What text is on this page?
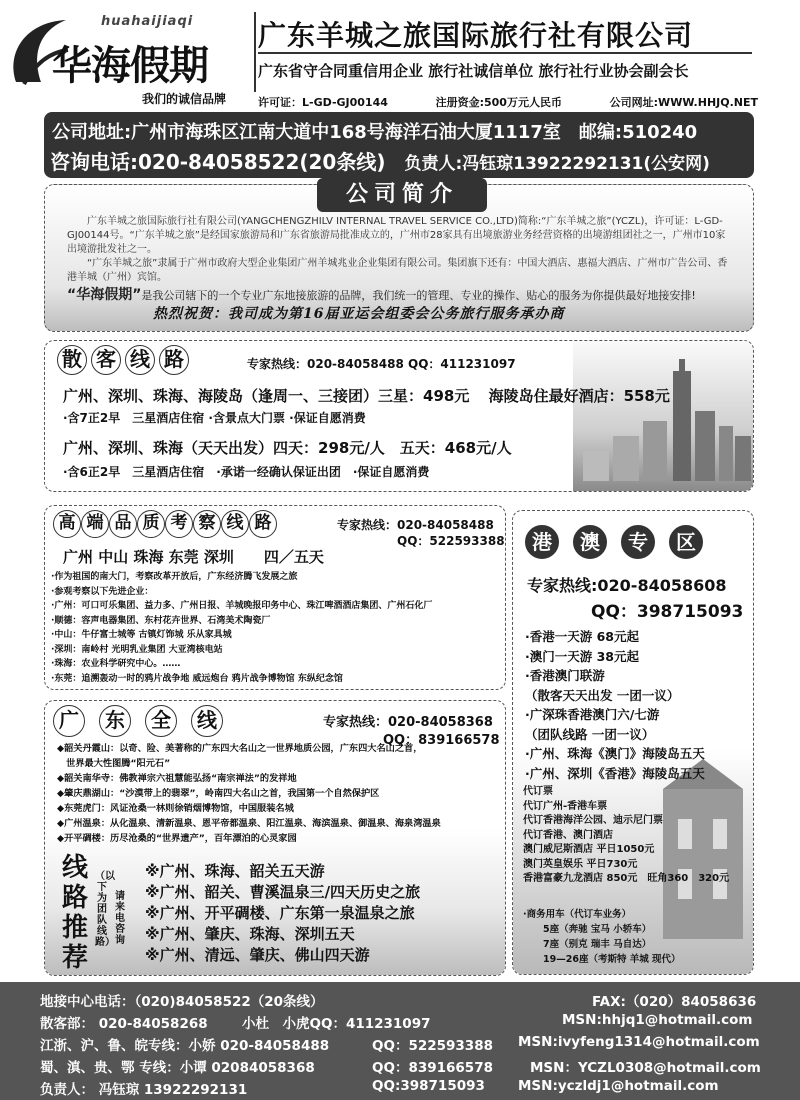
huahaijiaqi
华海假期
我们的诚信品牌
广东羊城之旅国际旅行社有限公司
广东省守合同重信用企业 旅行社诚信单位 旅行社行业协会副会长
许可证：L-GD-GJ00144	注册资金:500万元人民币	公司网址:WWW.HHJQ.NET
公司地址:广州市海珠区江南大道中168号海洋石油大厦1117室　邮编:510240
咨询电话:020-84058522(20条线) 负责人:冯钰琼13922292131(公安网)
公司简介

　　广东羊城之旅国际旅行社有限公司(YANGCHENGZHILV INTERNAL TRAVEL SERVICE CO.,LTD)简称:“广东羊城之旅”(YCZL)，许可证：L-GD-GJ00144号。“广东羊城之旅”是经国家旅游局和广东省旅游局批准成立的，广州市28家具有出境旅游业务经营资格的出境游组团社之一，广州市10家出境游批发社之一。

　　“广东羊城之旅”隶属于广州市政府大型企业集团广州羊城兆业企业集团有限公司。集团旗下还有：中国大酒店、惠福大酒店、广州市广告公司、香港羊城（广州）宾馆。

“华海假期”是我公司辖下的一个专业广东地接旅游的品牌，我们统一的管理、专业的操作、贴心的服务为你提供最好地接安排!

热烈祝贺：我司成为第16届亚运会组委会公务旅行服务承办商
散 客 线 路	专家热线：020-84058488 QQ：411231097
广州、深圳、珠海、海陵岛（逢周一、三接团）三星：498元 海陵岛住最好酒店：558元
·含7正2早　三星酒店住宿 ·含景点大门票 ·保证自愿消费
广州、深圳、珠海（天天出发）四天：298元/人　五天：468元/人
·含6正2早　三星酒店住宿　·承诺一经确认保证出团　·保证自愿消费
高 端 品 质 考 察 线 路	专家热线：020-84058488
QQ：522593388
广州 中山 珠海 东莞 深圳　　四／五天
·作为祖国的南大门，考察改革开放后，广东经济腾飞发展之旅
·参观考察以下先进企业：
·广州：可口可乐集团、益力多、广州日报、羊城晚报印务中心、珠江啤酒酒店集团、广州石化厂
·顺德：容声电器集团、东村花卉世界、石湾美术陶瓷厂
·中山：牛仔富士城等 古镇灯饰城 乐从家具城
·深圳：南岭村 光明乳业集团 大亚湾核电站
·珠海：农业科学研究中心。……
·东莞：追溯轰动一时的鸦片战争地 威远炮台 鸦片战争博物馆 东纵纪念馆
港	澳	专	区
专家热线:020-84058608
QQ：398715093
·香港一天游 68元起
·澳门一天游 38元起
·香港澳门联游
（散客天天出发 一团一议）
·广深珠香港澳门六/七游
（团队线路 一团一议）
·广州、珠海《澳门》海陵岛五天
·广州、深圳《香港》海陵岛五天
代订票
代订广州-香港车票
代订香港海洋公园、迪示尼门票
代订香港、澳门酒店
澳门威尼斯酒店 平日1050元
澳门英皇娱乐 平日730元
香港富豪九龙酒店 850元　旺角360　320元
·商务用车（代订车业务）
5座（奔驰 宝马 小轿车）
7座（别克 瑞丰 马自达）
19—26座（考斯特 羊城 现代）
广	东	全	线	专家热线：020-84058368
QQ：839166578
◆韶关丹霞山：以奇、险、美著称的广东四大名山之一世界地质公园，广东四大名山之首，
　世界最大性图腾“阳元石”
◆韶关南华寺：佛教禅宗六祖慧能弘扬“南宗禅法”的发祥地
◆肇庆鼎湖山：“沙漠带上的翡翠”，岭南四大名山之首，我国第一个自然保护区
◆东莞虎门：风证沧桑一林则徐销烟博物馆，中国服装名城
◆广州温泉：从化温泉、清新温泉、恩平帝都温泉、阳江温泉、海滨温泉、御温泉、海泉湾温泉
◆开平碉楼：历尽沧桑的“世界遗产”，百年漂泊的心灵家园
线
路
推
荐
（以下为团队线路）
请来电咨询
※广州、珠海、韶关五天游
※广州、韶关、曹溪温泉三/四天历史之旅
※广州、开平碉楼、广东第一泉温泉之旅
※广州、肇庆、珠海、深圳五天
※广州、清远、肇庆、佛山四天游
地接中心电话：（020)84058522（20条线）	FAX:（020）84058636
散客部： 020-84058268	小杜　小虎QQ：411231097	MSN:hhjq1@hotmail.com
江浙、沪、鲁、皖专线：小娇 020-84058488	QQ：522593388 MSN:ivyfeng1314@hotmail.com
蜀、滇、贵、鄂 专线：小谭 02084058368	QQ：839166578	MSN：YCZL0308@hotmail.com
负责人： 冯钰琼 13922292131	QQ:398715093 MSN:yczldj1@hotmail.com
